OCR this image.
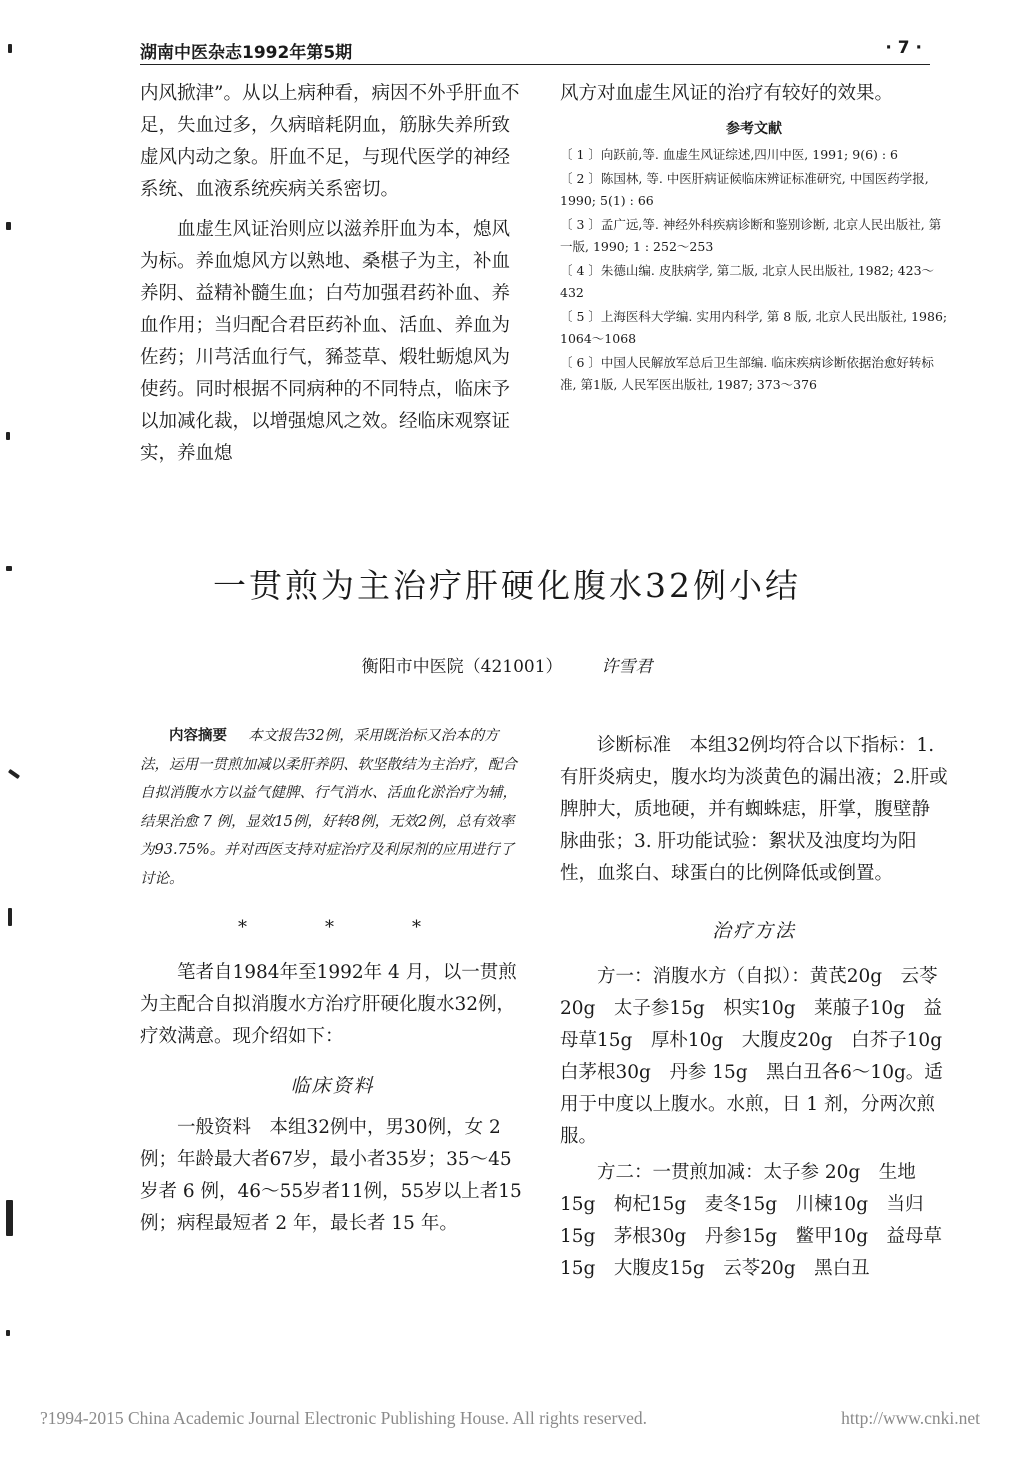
湖南中医杂志1992年第5期	· 7 ·

内风掀津”。从以上病种看，病因不外乎肝血不足，失血过多，久病暗耗阴血，筋脉失养所致虚风内动之象。肝血不足，与现代医学的神经系统、血液系统疾病关系密切。

血虚生风证治则应以滋养肝血为本，熄风为标。养血熄风方以熟地、桑椹子为主，补血养阴、益精补髓生血；白芍加强君药补血、养血作用；当归配合君臣药补血、活血、养血为佐药；川芎活血行气，豨莶草、煅牡蛎熄风为使药。同时根据不同病种的不同特点，临床予以加减化裁，以增强熄风之效。经临床观察证实，养血熄

风方对血虚生风证的治疗有较好的效果。

参考文献

〔 1 〕向跃前,等. 血虚生风证综述,四川中医, 1991; 9(6) : 6

〔 2 〕陈国林, 等. 中医肝病证候临床辨证标准研究, 中国医药学报, 1990; 5(1) : 66

〔 3 〕孟广远,等. 神经外科疾病诊断和鉴别诊断, 北京人民出版社, 第一版, 1990; 1 : 252～253

〔 4 〕朱德山编. 皮肤病学, 第二版, 北京人民出版社, 1982; 423～432

〔 5 〕上海医科大学编. 实用内科学, 第 8 版, 北京人民出版社, 1986; 1064～1068

〔 6 〕中国人民解放军总后卫生部编. 临床疾病诊断依据治愈好转标准, 第1版, 人民军医出版社, 1987; 373～376

一贯煎为主治疗肝硬化腹水32例小结
衡阳市中医院（421001） 许雪君

内容摘要 本文报告32例，采用既治标又治本的方法，运用一贯煎加减以柔肝养阴、软坚散结为主治疗，配合自拟消腹水方以益气健脾、行气消水、活血化淤治疗为辅，结果治愈 7 例，显效15例，好转8例，无效2例，总有效率为93.75%。并对西医支持对症治疗及利尿剂的应用进行了讨论。

*　　　*　　　*

笔者自1984年至1992年 4 月，以一贯煎为主配合自拟消腹水方治疗肝硬化腹水32例，疗效满意。现介绍如下：

临床资料

一般资料　本组32例中，男30例，女 2 例；年龄最大者67岁，最小者35岁；35～45岁者 6 例，46～55岁者11例，55岁以上者15例；病程最短者 2 年，最长者 15 年。

诊断标准　本组32例均符合以下指标：1.有肝炎病史，腹水均为淡黄色的漏出液；2.肝或脾肿大，质地硬，并有蜘蛛痣，肝掌，腹壁静脉曲张；3. 肝功能试验：絮状及浊度均为阳性，血浆白、球蛋白的比例降低或倒置。

治疗方法

方一：消腹水方（自拟）：黄芪20g　云苓20g　太子参15g　枳实10g　莱菔子10g　益母草15g　厚朴10g　大腹皮20g　白芥子10g　白茅根30g　丹参 15g　黑白丑各6～10g。适用于中度以上腹水。水煎，日 1 剂，分两次煎服。

方二：一贯煎加减：太子参 20g　生地15g　枸杞15g　麦冬15g　川楝10g　当归15g　茅根30g　丹参15g　鳖甲10g　益母草15g　大腹皮15g　云苓20g　黑白丑

?1994-2015 China Academic Journal Electronic Publishing House. All rights reserved.	http://www.cnki.net
